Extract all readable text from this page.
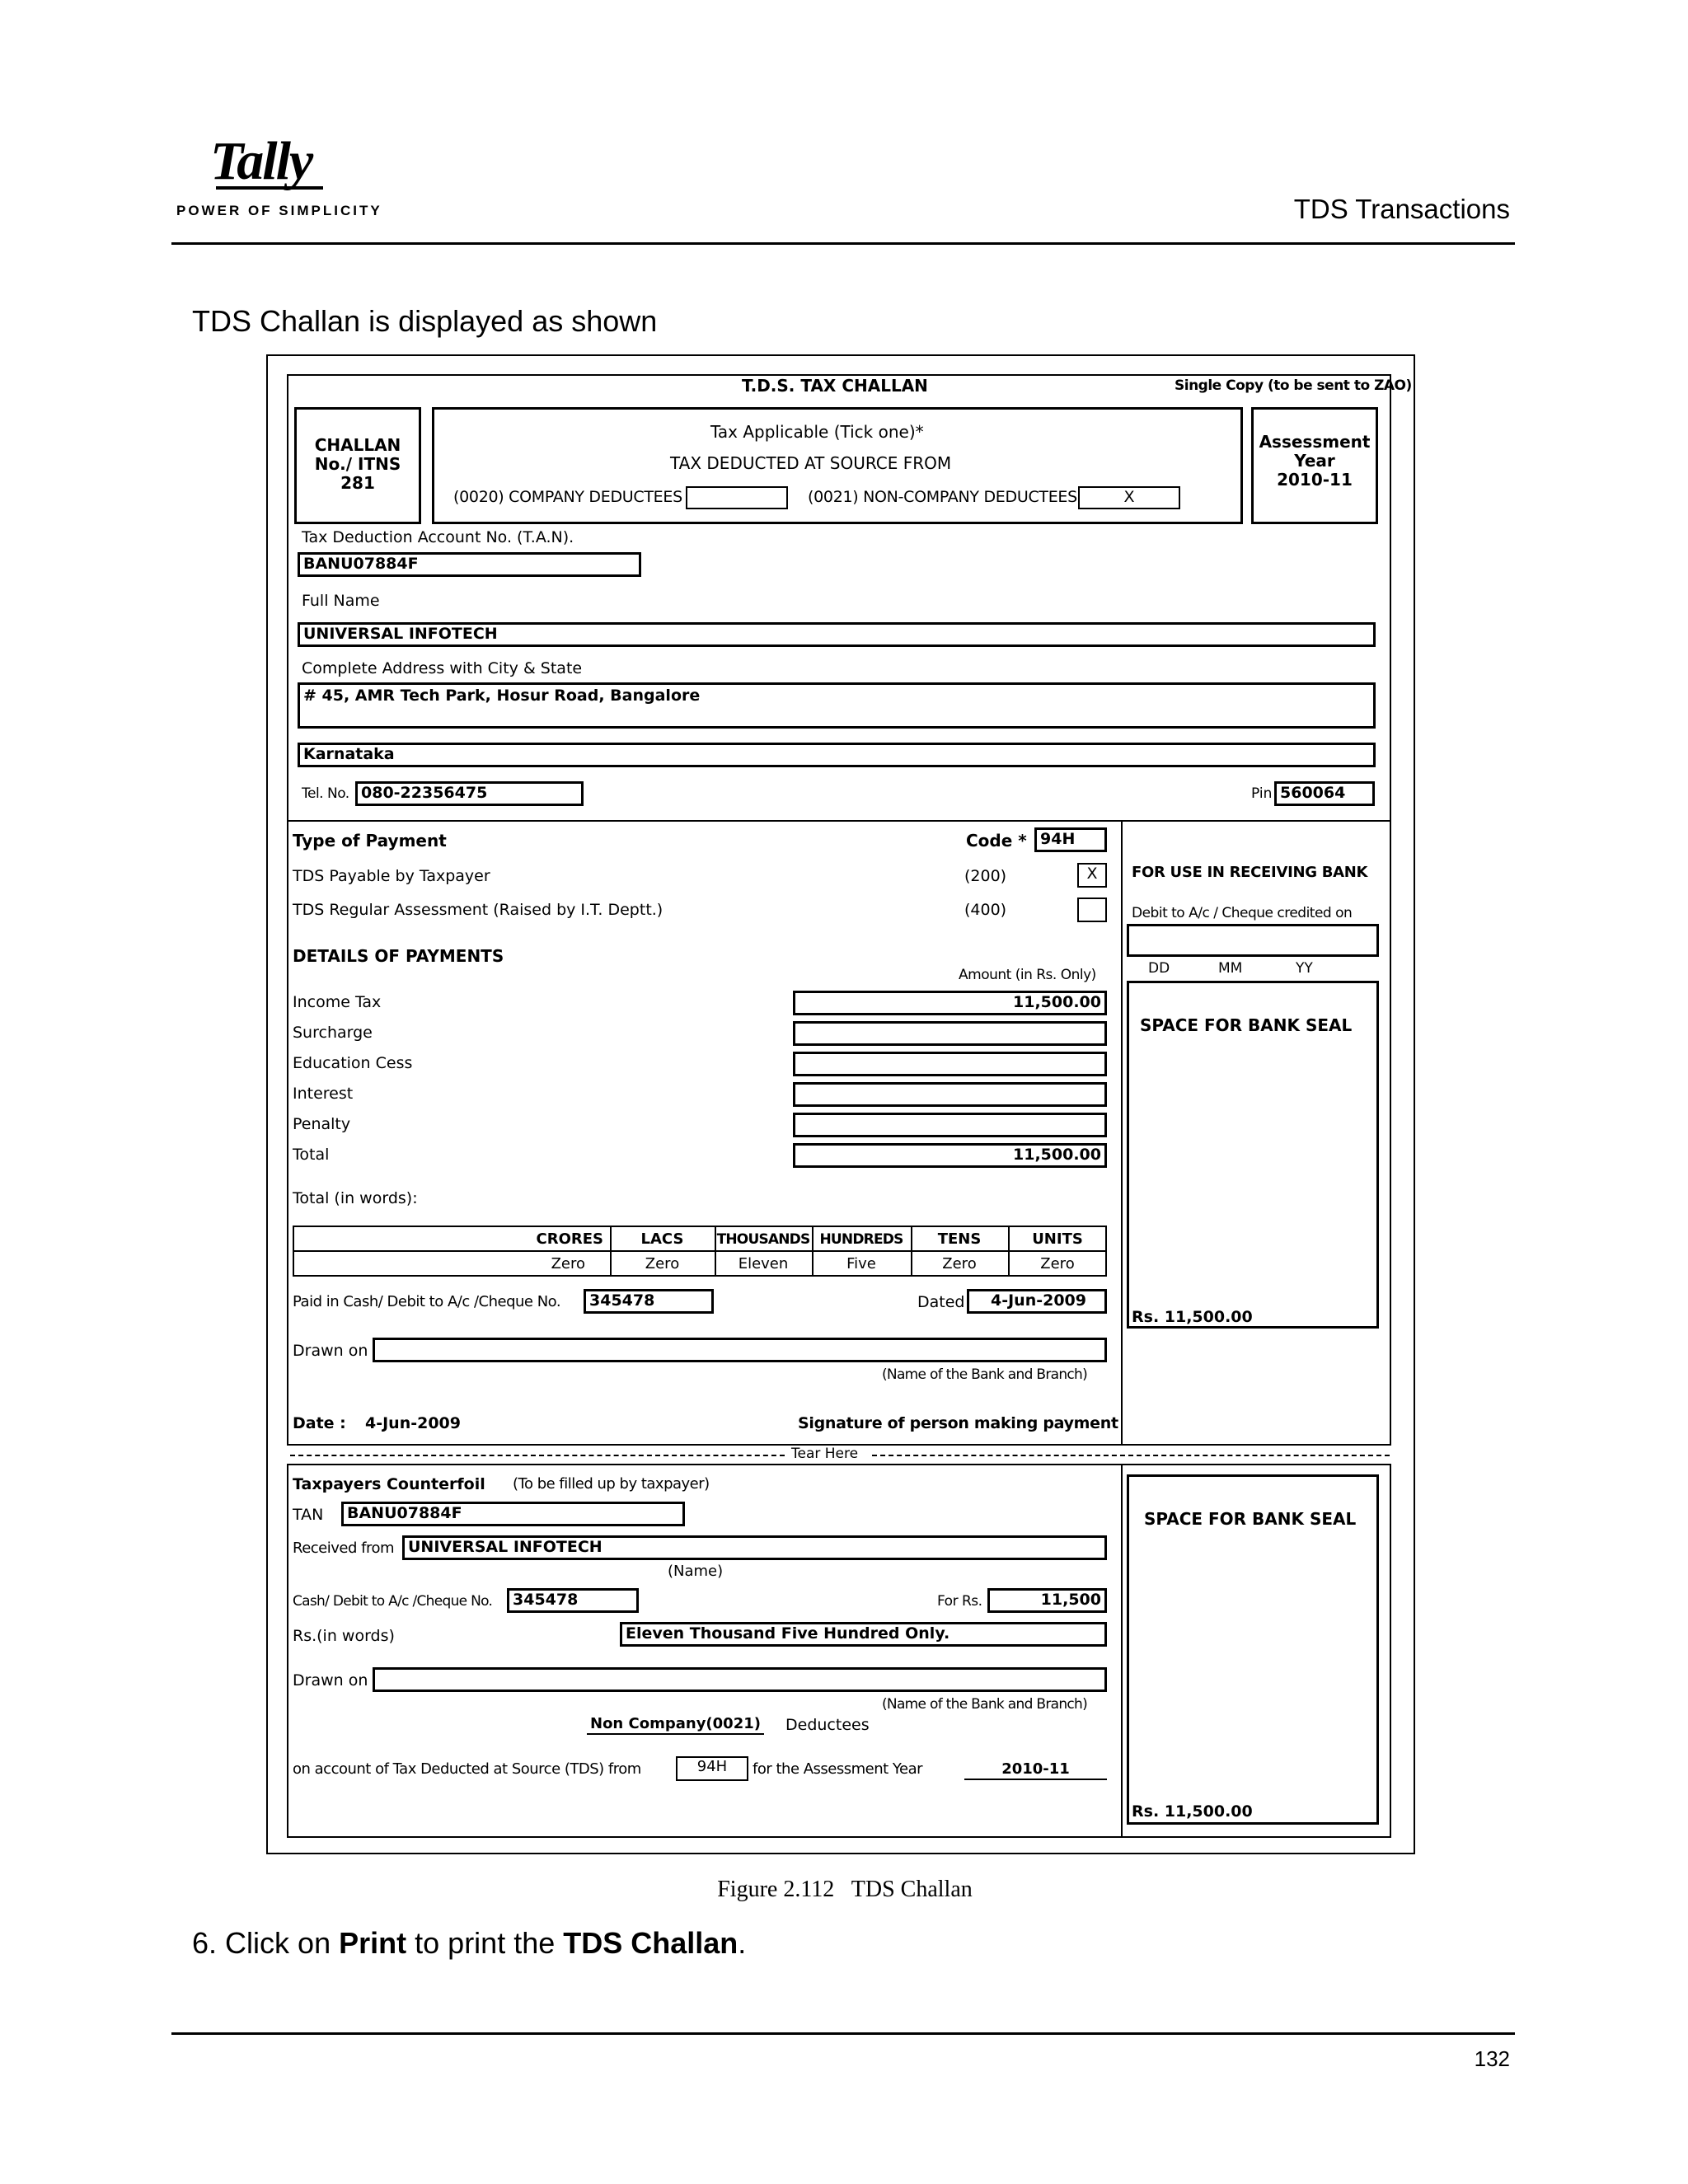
Tally
POWER OF SIMPLICITY	TDS Transactions
TDS Challan is displayed as shown
T.D.S. TAX CHALLAN	Single Copy (to be sent to ZAO)
CHALLAN
No./ ITNS
281
Tax Applicable (Tick one)*
TAX DEDUCTED AT SOURCE FROM
(0020) COMPANY DEDUCTEES	(0021) NON-COMPANY DEDUCTEES	X
Assessment
Year
2010-11
Tax Deduction Account No. (T.A.N).
BANU07884F
Full Name
UNIVERSAL INFOTECH
Complete Address with City & State
# 45, AMR Tech Park, Hosur Road, Bangalore
Karnataka
Tel. No. 080-22356475	Pin 560064
Type of Payment	Code * 94H
TDS Payable by Taxpayer	(200)	X
TDS Regular Assessment (Raised by I.T. Deptt.)	(400)
FOR USE IN RECEIVING BANK
Debit to A/c / Cheque credited on
DD	MM	YY
SPACE FOR BANK SEAL
Rs. 11,500.00
DETAILS OF PAYMENTS
Amount (in Rs. Only)
Income Tax	11,500.00
Surcharge
Education Cess
Interest
Penalty
Total	11,500.00
Total (in words):
CRORES	LACS	THOUSANDS HUNDREDS	TENS	UNITS
Zero	Zero	Eleven	Five	Zero	Zero
Paid in Cash/ Debit to A/c /Cheque No.	345478	Dated	4-Jun-2009
Drawn on
(Name of the Bank and Branch)
Date : 4-Jun-2009	Signature of person making payment
Tear Here
Taxpayers Counterfoil (To be filled up by taxpayer)
TAN	BANU07884F
Received from UNIVERSAL INFOTECH
(Name)
Cash/ Debit to A/c /Cheque No.	345478	For Rs.	11,500
Rs.(in words)	Eleven Thousand Five Hundred Only.
Drawn on
(Name of the Bank and Branch)
Non Company(0021) Deductees
on account of Tax Deducted at Source (TDS) from	94H	for the Assessment Year	2010-11
SPACE FOR BANK SEAL
Rs. 11,500.00
Figure 2.112   TDS Challan
6. Click on Print to print the TDS Challan.
132
